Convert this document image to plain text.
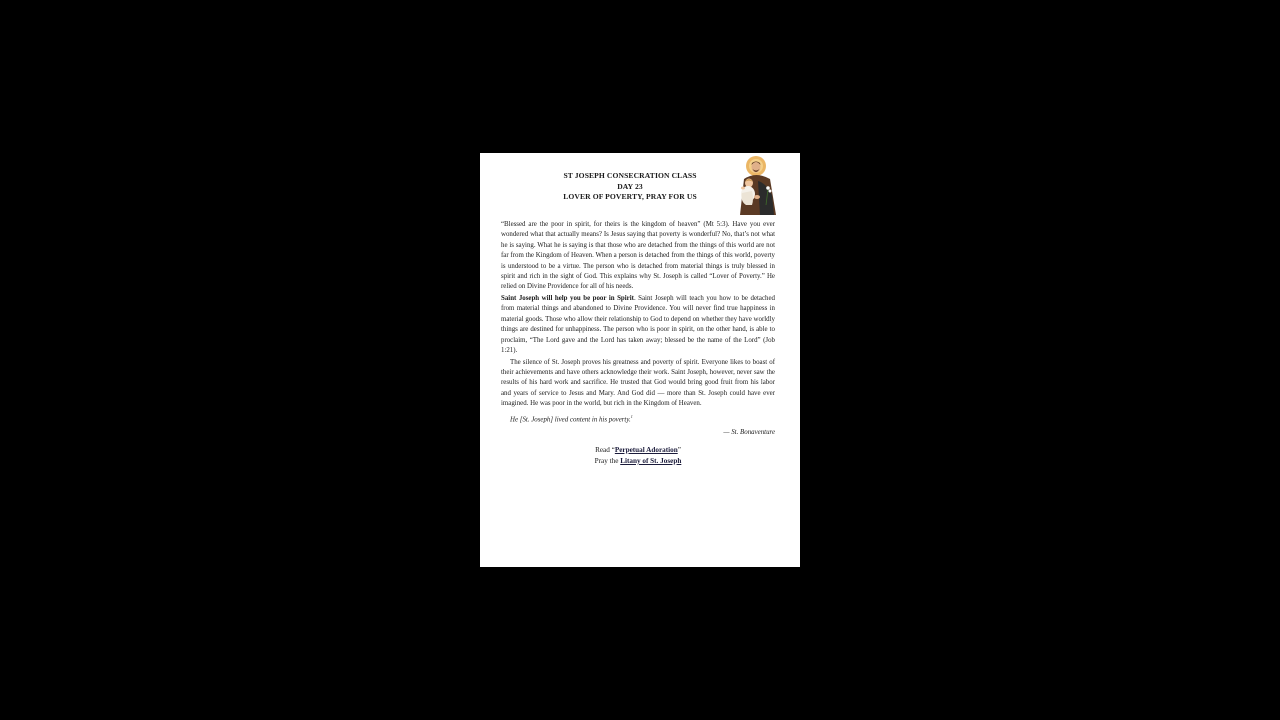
ST JOSEPH CONSECRATION CLASS
DAY 23
LOVER OF POVERTY, PRAY FOR US

“Blessed are the poor in spirit, for theirs is the kingdom of heaven” (Mt 5:3). Have you ever wondered what that actually means? Is Jesus saying that poverty is wonderful? No, that’s not what he is saying. What he is saying is that those who are detached from the things of this world are not far from the Kingdom of Heaven. When a person is detached from the things of this world, poverty is understood to be a virtue. The person who is detached from material things is truly blessed in spirit and rich in the sight of God. This explains why St. Joseph is called “Lover of Poverty.” He relied on Divine Providence for all of his needs.

Saint Joseph will help you be poor in Spirit. Saint Joseph will teach you how to be detached from material things and abandoned to Divine Providence. You will never find true happiness in material goods. Those who allow their relationship to God to depend on whether they have worldly things are destined for unhappiness. The person who is poor in spirit, on the other hand, is able to proclaim, “The Lord gave and the Lord has taken away; blessed be the name of the Lord” (Job 1:21).

The silence of St. Joseph proves his greatness and poverty of spirit. Everyone likes to boast of their achievements and have others acknowledge their work. Saint Joseph, however, never saw the results of his hard work and sacrifice. He trusted that God would bring good fruit from his labor and years of service to Jesus and Mary. And God did — more than St. Joseph could have ever imagined. He was poor in the world, but rich in the Kingdom of Heaven.

He [St. Joseph] lived content in his poverty.$^1$
— St. Bonaventure
Read “Perpetual Adoration”
Pray the Litany of St. Joseph
